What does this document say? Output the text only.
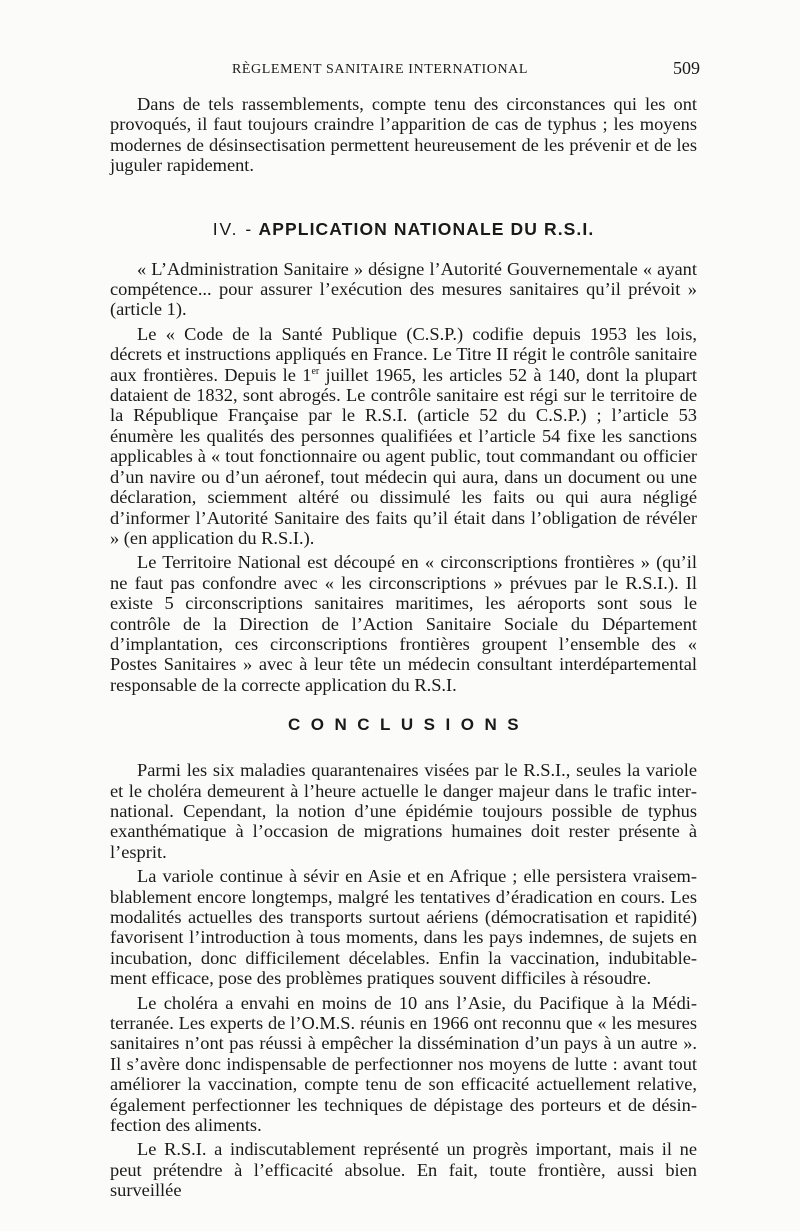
RÈGLEMENT SANITAIRE INTERNATIONAL	509

Dans de tels rassemblements, compte tenu des circonstances qui les ont provoqués, il faut toujours craindre l’apparition de cas de typhus ; les moyens modernes de désinsectisation permettent heureusement de les prévenir et de les juguler rapidement.

IV. - APPLICATION NATIONALE DU R.S.I.

« L’Administration Sanitaire » désigne l’Autorité Gouvernementale « ayant compétence... pour assurer l’exécution des mesures sanitaires qu’il prévoit » (article 1).

Le « Code de la Santé Publique (C.S.P.) codifie depuis 1953 les lois, décrets et instructions appliqués en France. Le Titre II régit le contrôle sanitaire aux frontières. Depuis le 1er juillet 1965, les articles 52 à 140, dont la plupart dataient de 1832, sont abrogés. Le contrôle sanitaire est régi sur le territoire de la République Française par le R.S.I. (article 52 du C.S.P.) ; l’article 53 énumère les qualités des personnes qualifiées et l’article 54 fixe les sanctions applicables à « tout fonctionnaire ou agent public, tout commandant ou officier d’un navire ou d’un aéronef, tout médecin qui aura, dans un document ou une déclaration, sciemment altéré ou dissimulé les faits ou qui aura négligé d’informer l’Autorité Sanitaire des faits qu’il était dans l’obligation de révéler » (en application du R.S.I.).

Le Territoire National est découpé en « circonscriptions frontières » (qu’il ne faut pas confondre avec « les circonscriptions » prévues par le R.S.I.). Il existe 5 circonscriptions sanitaires maritimes, les aéroports sont sous le contrôle de la Direction de l’Action Sanitaire Sociale du Département d’implantation, ces circonscriptions frontières groupent l’ensemble des « Postes Sanitaires » avec à leur tête un médecin consultant interdépartemental responsable de la correcte application du R.S.I.

CONCLUSIONS

Parmi les six maladies quarantenaires visées par le R.S.I., seules la variole et le choléra demeurent à l’heure actuelle le danger majeur dans le trafic international. Cependant, la notion d’une épidémie toujours possible de typhus exanthématique à l’occasion de migrations humaines doit rester présente à l’esprit.

La variole continue à sévir en Asie et en Afrique ; elle persistera vraisemblablement encore longtemps, malgré les tentatives d’éradication en cours. Les modalités actuelles des transports surtout aériens (démocratisation et rapidité) favorisent l’introduction à tous moments, dans les pays indemnes, de sujets en incubation, donc difficilement décelables. Enfin la vaccination, indubitablement efficace, pose des problèmes pratiques souvent difficiles à résoudre.

Le choléra a envahi en moins de 10 ans l’Asie, du Pacifique à la Méditerranée. Les experts de l’O.M.S. réunis en 1966 ont reconnu que « les mesures sanitaires n’ont pas réussi à empêcher la dissémination d’un pays à un autre ». Il s’avère donc indispensable de perfectionner nos moyens de lutte : avant tout améliorer la vaccination, compte tenu de son efficacité actuellement relative, également perfectionner les techniques de dépistage des porteurs et de désinfection des aliments.

Le R.S.I. a indiscutablement représenté un progrès important, mais il ne peut prétendre à l’efficacité absolue. En fait, toute frontière, aussi bien surveillée
